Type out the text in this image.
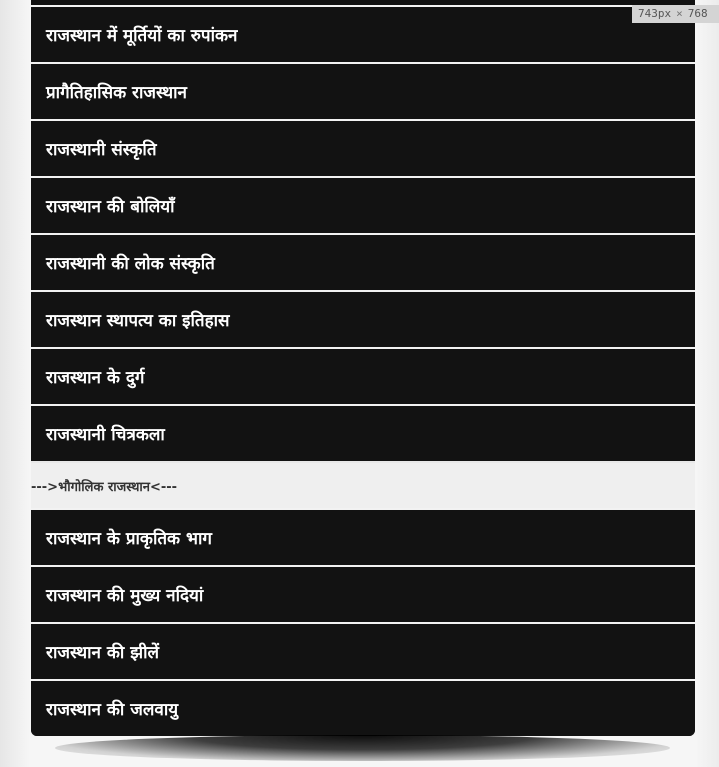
राजस्थान में मूर्तियों का रुपांकन
प्रागैतिहासिक राजस्थान
राजस्थानी संस्कृति
राजस्थान की बोलियाँ
राजस्थानी की लोक संस्कृति
राजस्थान स्थापत्य का इतिहास
राजस्थान के दुर्ग
राजस्थानी चित्रकला
--->भौगोलिक राजस्थान<---
राजस्थान के प्राकृतिक भाग
राजस्थान की मुख्य नदियां
राजस्थान की झीलें
राजस्थान की जलवायु
743px × 768
